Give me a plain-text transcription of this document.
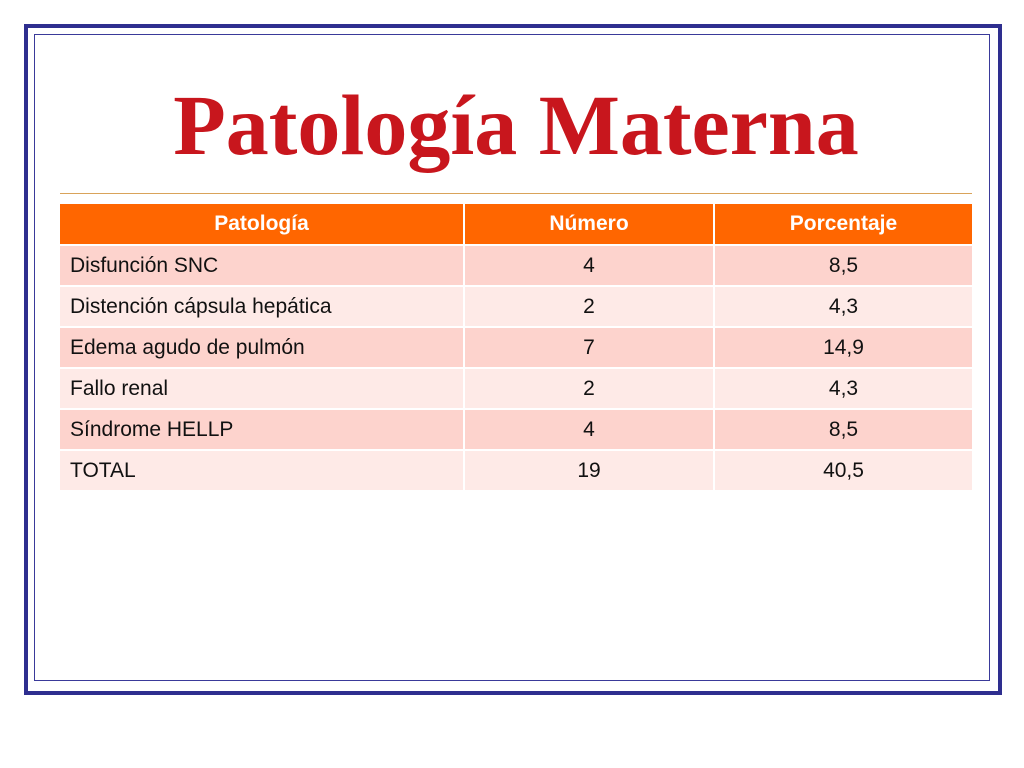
Patología Materna
Patología	Número	Porcentaje
Disfunción SNC	4	8,5
Distención cápsula hepática	2	4,3
Edema agudo de pulmón	7	14,9
Fallo renal	2	4,3
Síndrome HELLP	4	8,5
TOTAL	19	40,5
